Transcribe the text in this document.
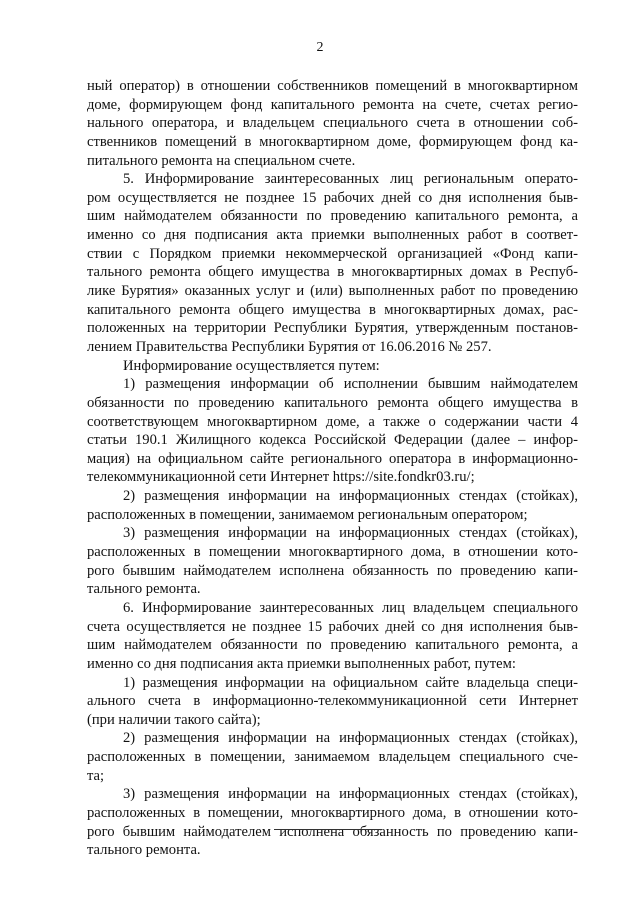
2
ный оператор) в отношении собственников помещений в многоквартирном
доме, формирующем фонд капитального ремонта на счете, счетах регио-
нального оператора, и владельцем специального счета в отношении соб-
ственников помещений в многоквартирном доме, формирующем фонд ка-
питального ремонта на специальном счете.
5. Информирование заинтересованных лиц региональным операто-
ром осуществляется не позднее 15 рабочих дней со дня исполнения быв-
шим наймодателем обязанности по проведению капитального ремонта, а
именно со дня подписания акта приемки выполненных работ в соответ-
ствии с Порядком приемки некоммерческой организацией «Фонд капи-
тального ремонта общего имущества в многоквартирных домах в Респуб-
лике Бурятия» оказанных услуг и (или) выполненных работ по проведению
капитального ремонта общего имущества в многоквартирных домах, рас-
положенных на территории Республики Бурятия, утвержденным постанов-
лением Правительства Республики Бурятия от 16.06.2016 № 257.
Информирование осуществляется путем:
1) размещения информации об исполнении бывшим наймодателем
обязанности по проведению капитального ремонта общего имущества в
соответствующем многоквартирном доме, а также о содержании части 4
статьи 190.1 Жилищного кодекса Российской Федерации (далее – инфор-
мация) на официальном сайте регионального оператора в информационно-
телекоммуникационной сети Интернет https://site.fondkr03.ru/;
2) размещения информации на информационных стендах (стойках),
расположенных в помещении, занимаемом региональным оператором;
3) размещения информации на информационных стендах (стойках),
расположенных в помещении многоквартирного дома, в отношении кото-
рого бывшим наймодателем исполнена обязанность по проведению капи-
тального ремонта.
6. Информирование заинтересованных лиц владельцем специального
счета осуществляется не позднее 15 рабочих дней со дня исполнения быв-
шим наймодателем обязанности по проведению капитального ремонта, а
именно со дня подписания акта приемки выполненных работ, путем:
1) размещения информации на официальном сайте владельца специ-
ального счета в информационно-телекоммуникационной сети Интернет
(при наличии такого сайта);
2) размещения информации на информационных стендах (стойках),
расположенных в помещении, занимаемом владельцем специального сче-
та;
3) размещения информации на информационных стендах (стойках),
расположенных в помещении, многоквартирного дома, в отношении кото-
рого бывшим наймодателем исполнена обязанность по проведению капи-
тального ремонта.
